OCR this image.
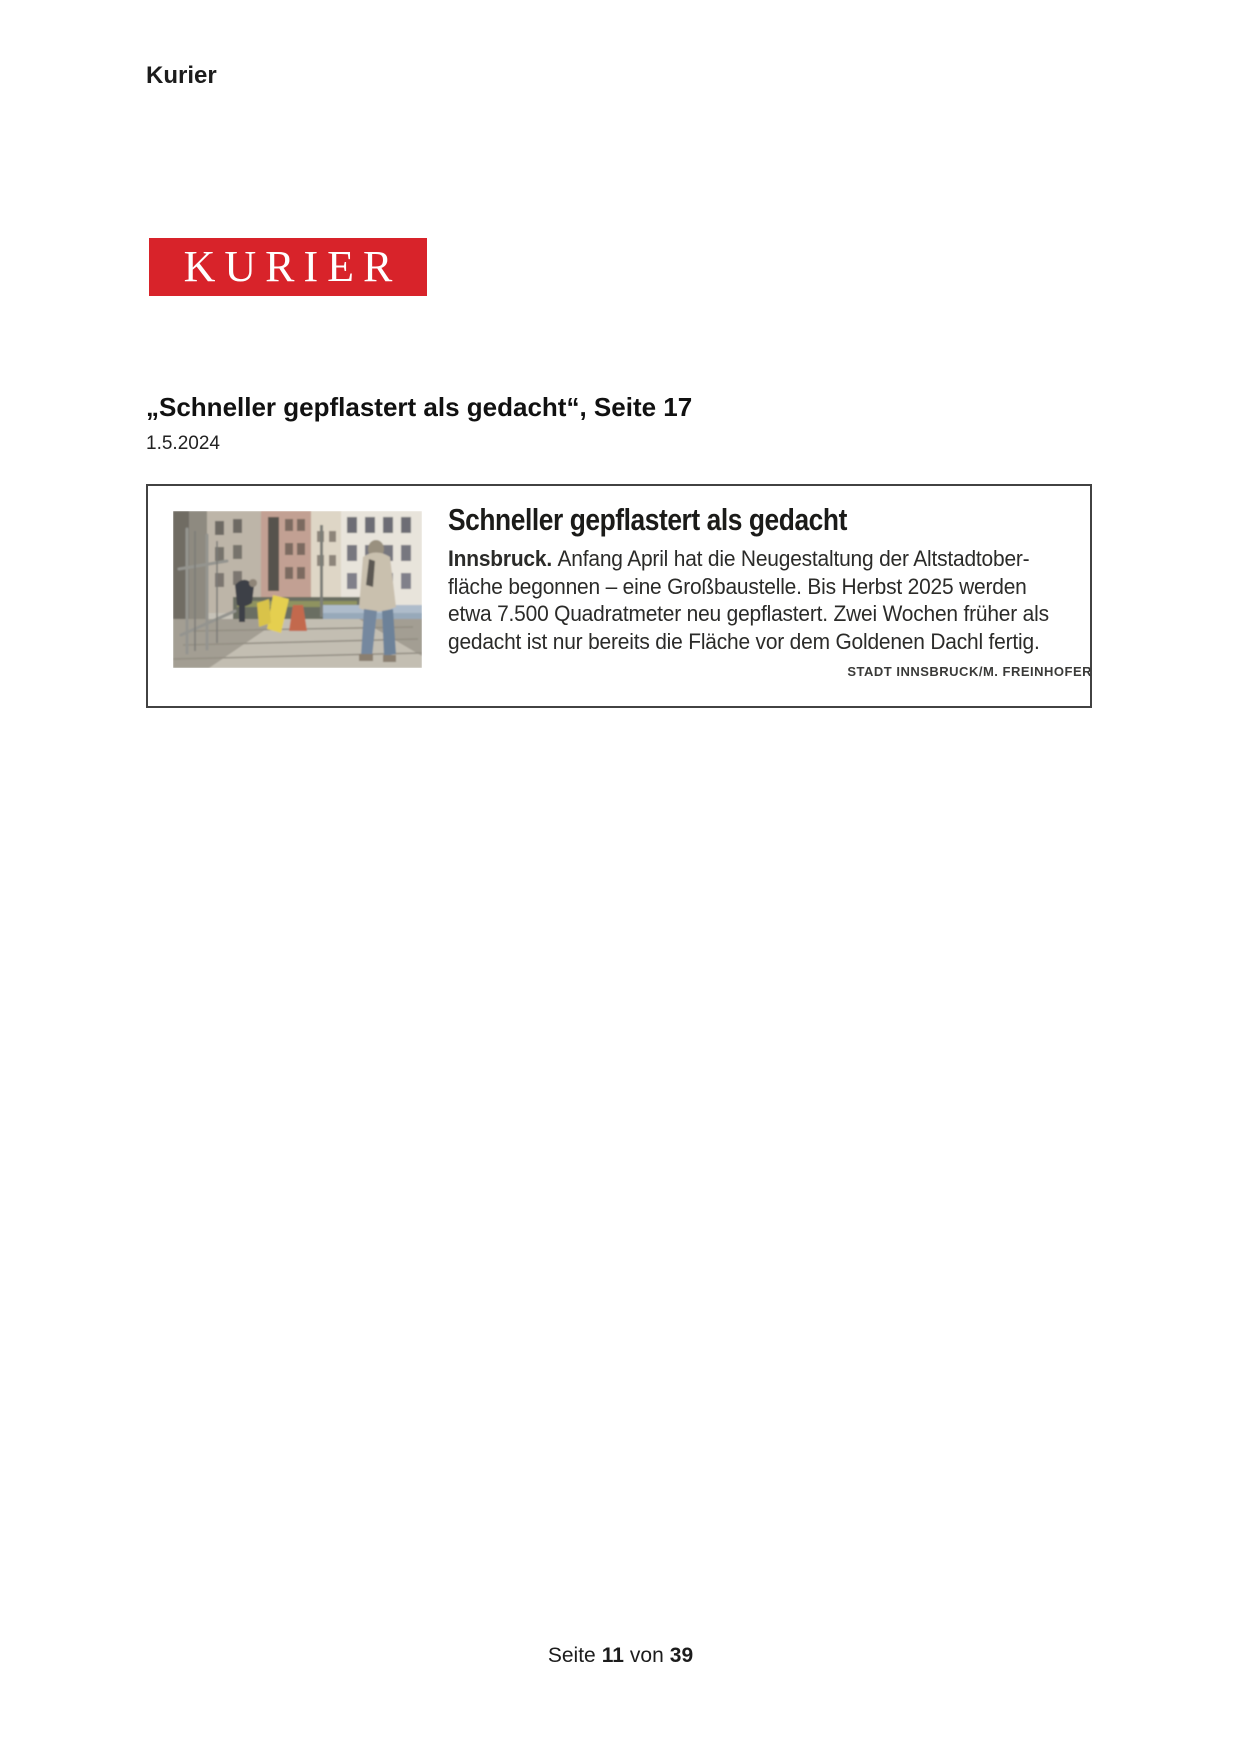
Kurier
KURIER
„Schneller gepflastert als gedacht“, Seite 17
1.5.2024
Schneller gepflastert als gedacht
Innsbruck. Anfang April hat die Neugestaltung der Altstadtober-
fläche begonnen – eine Großbaustelle. Bis Herbst 2025 werden
etwa 7.500 Quadratmeter neu gepflastert. Zwei Wochen früher als
gedacht ist nur bereits die Fläche vor dem Goldenen Dachl fertig.
STADT INNSBRUCK/M. FREINHOFER
Seite 11 von 39
